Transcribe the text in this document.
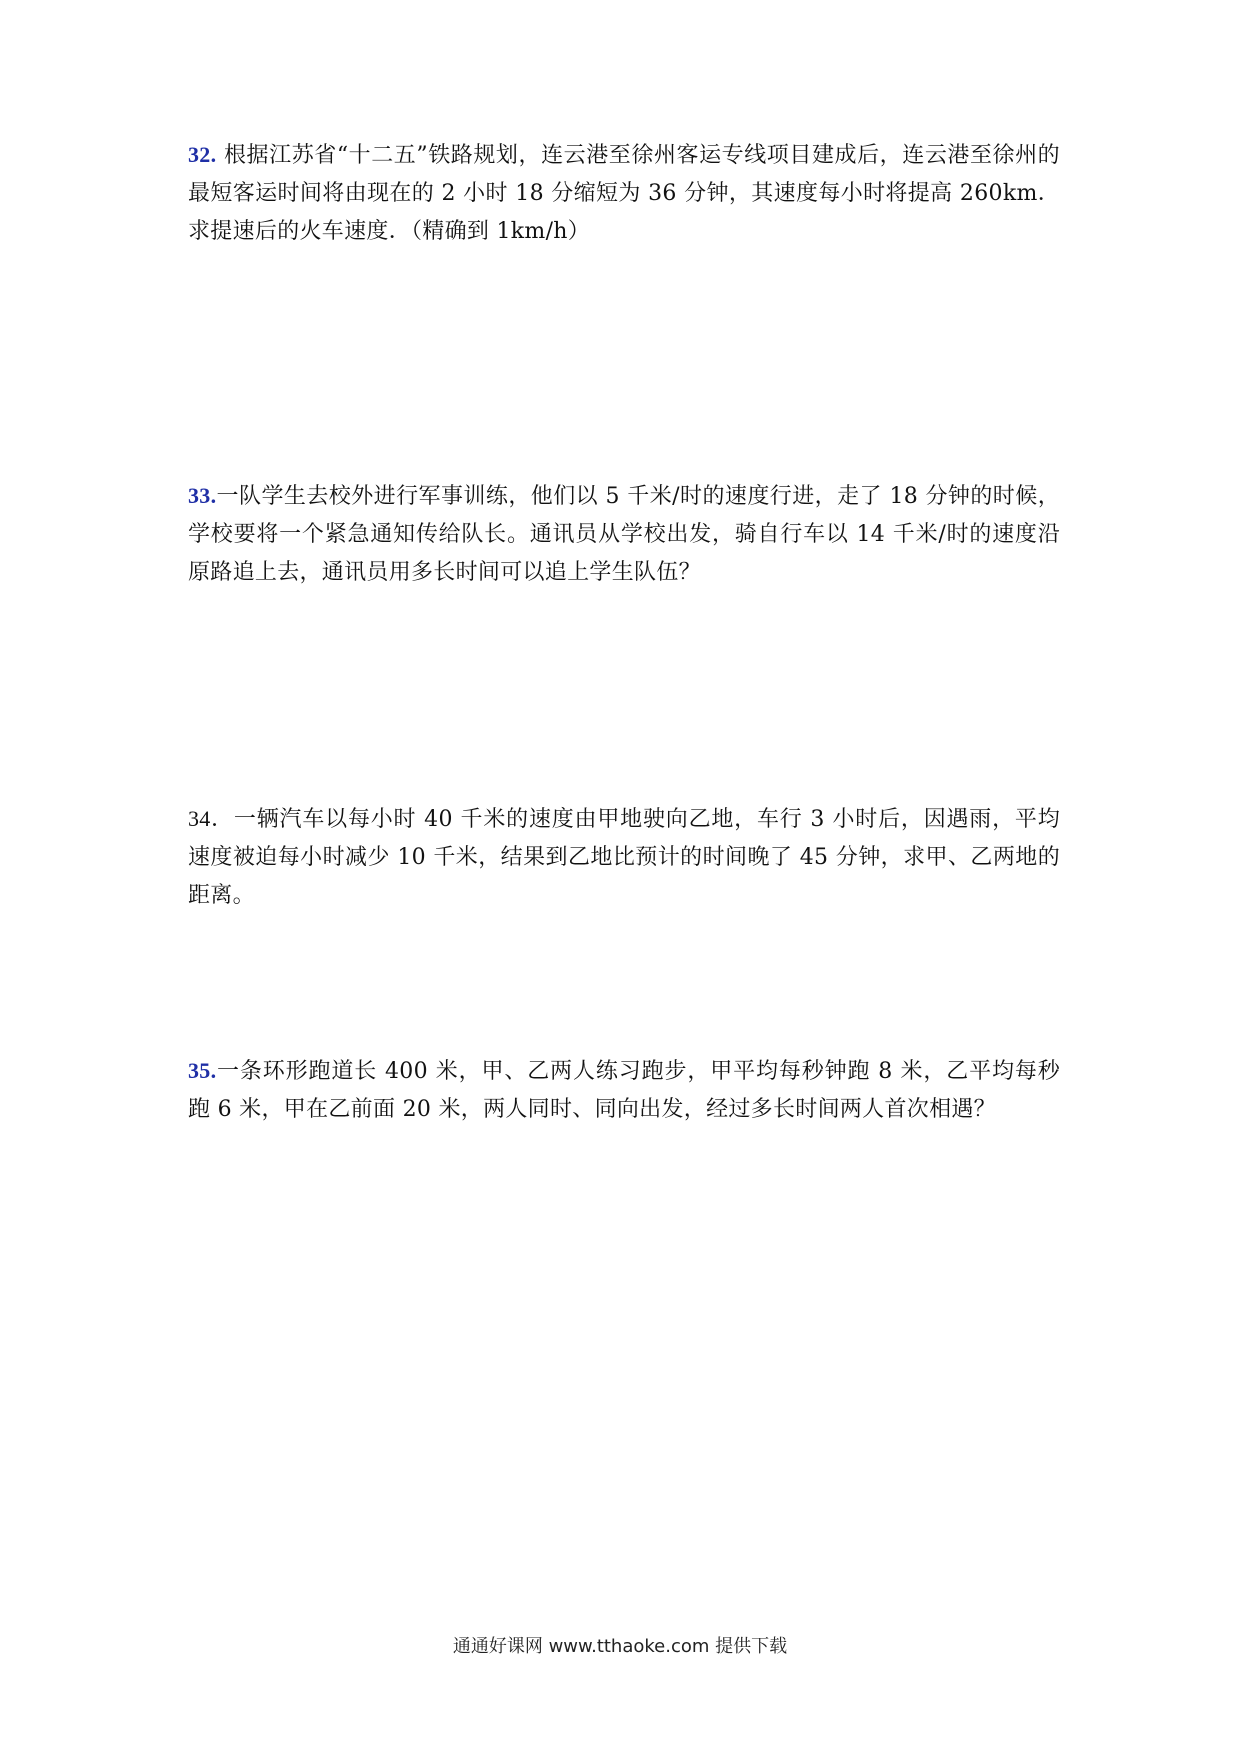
32. 根据江苏省“十二五”铁路规划，连云港至徐州客运专线项目建成后，连云港至徐州的最短客运时间将由现在的 2 小时 18 分缩短为 36 分钟，其速度每小时将提高 260km．求提速后的火车速度．（精确到 1km/h）
33.一队学生去校外进行军事训练，他们以 5 千米/时的速度行进，走了 18 分钟的时候，学校要将一个紧急通知传给队长。通讯员从学校出发，骑自行车以 14 千米/时的速度沿原路追上去，通讯员用多长时间可以追上学生队伍？
34．一辆汽车以每小时 40 千米的速度由甲地驶向乙地，车行 3 小时后，因遇雨，平均速度被迫每小时减少 10 千米，结果到乙地比预计的时间晚了 45 分钟，求甲、乙两地的距离。
35.一条环形跑道长 400 米，甲、乙两人练习跑步，甲平均每秒钟跑 8 米，乙平均每秒跑 6 米，甲在乙前面 20 米，两人同时、同向出发，经过多长时间两人首次相遇？
通通好课网 www.tthaoke.com 提供下载
